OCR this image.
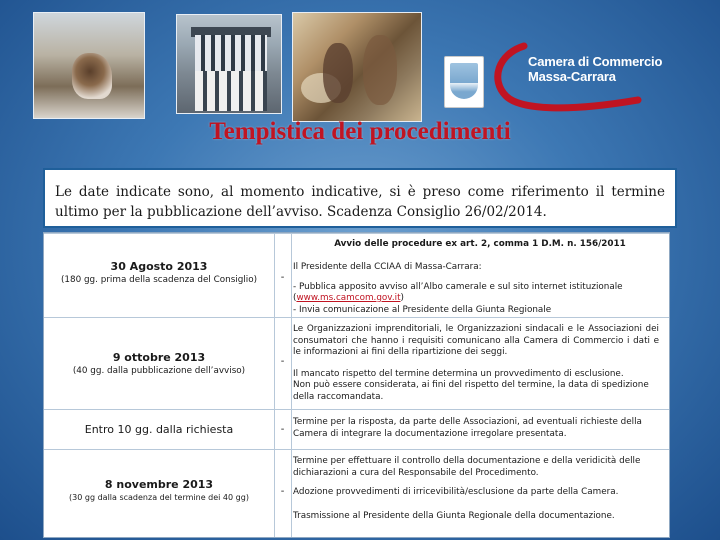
Camera di Commercio
Massa-Carrara
Tempistica dei procedimenti
Le date indicate sono, al momento indicative, si è preso come riferimento il termine ultimo per la pubblicazione dell’avviso. Scadenza Consiglio 26/02/2014.
Avvio delle procedure ex art. 2, comma 1 D.M. n. 156/2011
30 Agosto 2013
(180 gg. prima della scadenza del Consiglio)	-

Il Presidente della CCIAA di Massa-Carrara:

- Pubblica apposito avviso all’Albo camerale e sul sito internet istituzionale

(www.ms.camcom.gov.it)

- Invia comunicazione al Presidente della Giunta Regionale

9 ottobre 2013
(40 gg. dalla pubblicazione dell’avviso)
-

Le Organizzazioni imprenditoriali, le Organizzazioni sindacali e le Associazioni dei consumatori che hanno i requisiti comunicano alla Camera di Commercio i dati e le informazioni ai fini della ripartizione dei seggi.

Il mancato rispetto del termine determina un provvedimento di esclusione.

Non può essere considerata, ai fini del rispetto del termine, la data di spedizione della raccomandata.

Entro 10 gg. dalla richiesta	-

Termine per la risposta, da parte delle Associazioni, ad eventuali richieste della Camera di integrare la documentazione irregolare presentata.

8 novembre 2013
(30 gg dalla scadenza del termine dei 40 gg)
-

Termine per effettuare il controllo della documentazione e della veridicità delle dichiarazioni a cura del Responsabile del Procedimento.

Adozione provvedimenti di irricevibilità/esclusione da parte della Camera.

Trasmissione al Presidente della Giunta Regionale della documentazione.
